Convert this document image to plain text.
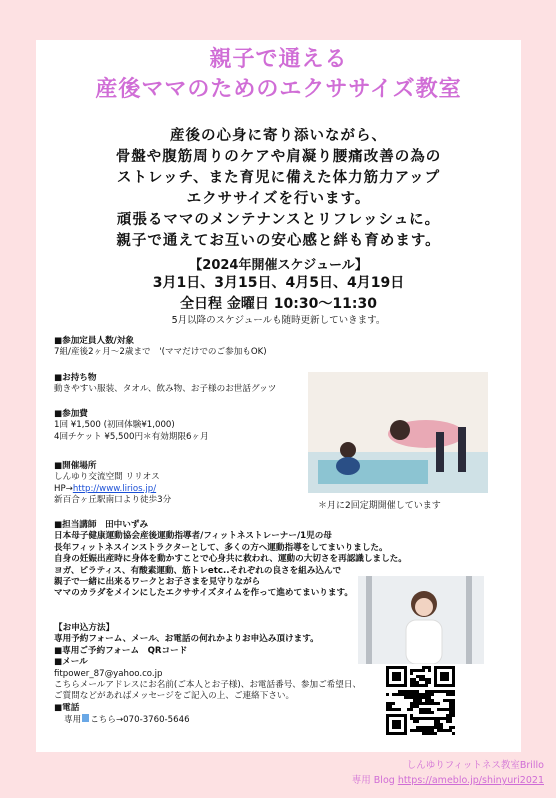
親子で通える
産後ママのためのエクササイズ教室
産後の心身に寄り添いながら、
骨盤や腹筋周りのケアや肩凝り腰痛改善の為の
ストレッチ、また育児に備えた体力筋力アップ
エクササイズを行います。
頑張るママのメンテナンスとリフレッシュに。
親子で通えてお互いの安心感と絆も育めます。
【2024年開催スケジュール】
3月1日、3月15日、4月5日、4月19日
全日程 金曜日 10:30〜11:30
5月以降のスケジュールも随時更新していきます。
■参加定員人数/対象
7組/産後2ヶ月〜2歳まで　'(ママだけでのご参加もOK)
■お持ち物
動きやすい服装、タオル、飲み物、お子様のお世話グッツ
■参加費
1回 ¥1,500 (初回体験¥1,000)
4回チケット ¥5,500円＊有効期限6ヶ月
■開催場所
しんゆり交流空間 リリオス
HP→http://www.lirios.jp/
新百合ヶ丘駅南口より徒歩3分
＊月に2回定期開催しています
■担当講師　田中いずみ
日本母子健康運動協会産後運動指導者/フィットネストレーナー/1児の母
長年フィットネスインストラクターとして、多くの方へ運動指導をしてまいりました。
自身の妊娠出産時に身体を動かすことで心身共に救われ、運動の大切さを再認識しました。
ヨガ、ピラティス、有酸素運動、筋トレetc..それぞれの良さを組み込んで
親子で一緒に出来るワークとお子さまを見守りながら
ママのカラダをメインにしたエクササイズタイムを作って進めてまいります。
【お申込方法】
専用予約フォーム、メール、お電話の何れかよりお申込み頂けます。
■専用ご予約フォーム　QRコード
■メール
fitpower_87@yahoo.co.jp
こちらメールアドレスにお名前(ご本人とお子様)、お電話番号、参加ご希望日、
ご質問などがあればメッセージをご記入の上、ご連絡下さい。
■電話
専用 こちら→070-3760-5646
しんゆりフィットネス教室Brillo
専用 Blog https://ameblo.jp/shinyuri2021
